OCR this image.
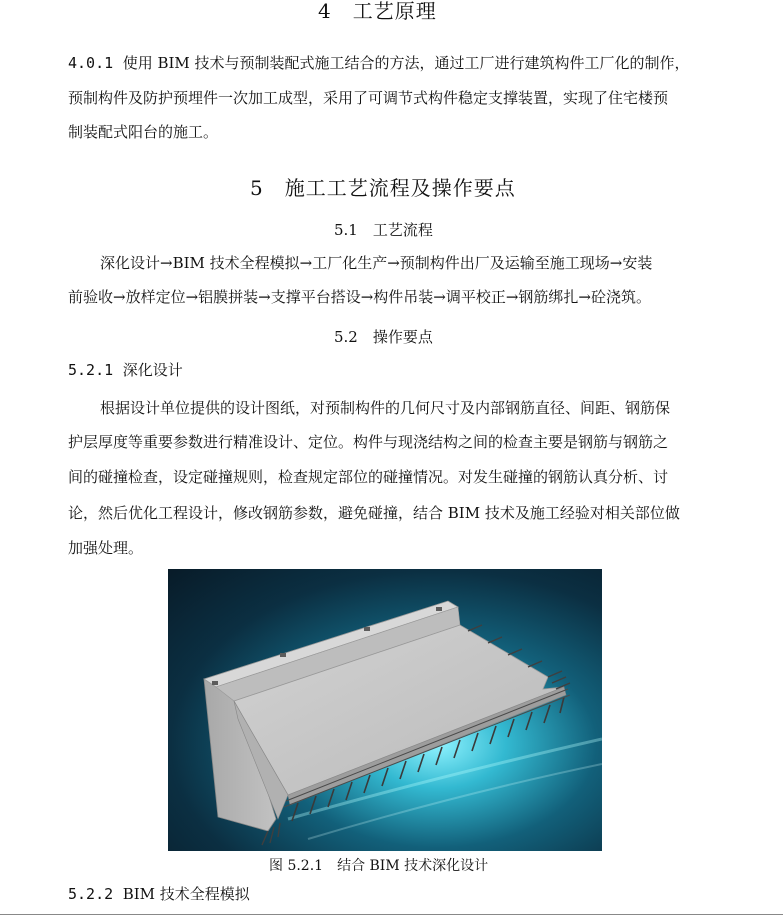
4　工艺原理
4.0.1 使用 BIM 技术与预制装配式施工结合的方法，通过工厂进行建筑构件工厂化的制作，
预制构件及防护预埋件一次加工成型，采用了可调节式构件稳定支撑装置，实现了住宅楼预
制装配式阳台的施工。
5　施工工艺流程及操作要点
5.1　工艺流程
深化设计→BIM 技术全程模拟→工厂化生产→预制构件出厂及运输至施工现场→安装
前验收→放样定位→铝膜拼装→支撑平台搭设→构件吊装→调平校正→钢筋绑扎→砼浇筑。
5.2　操作要点
5.2.1 深化设计
根据设计单位提供的设计图纸，对预制构件的几何尺寸及内部钢筋直径、间距、钢筋保
护层厚度等重要参数进行精准设计、定位。构件与现浇结构之间的检查主要是钢筋与钢筋之
间的碰撞检查，设定碰撞规则，检查规定部位的碰撞情况。对发生碰撞的钢筋认真分析、讨
论，然后优化工程设计，修改钢筋参数，避免碰撞，结合 BIM 技术及施工经验对相关部位做
加强处理。
图 5.2.1　结合 BIM 技术深化设计
5.2.2 BIM 技术全程模拟
